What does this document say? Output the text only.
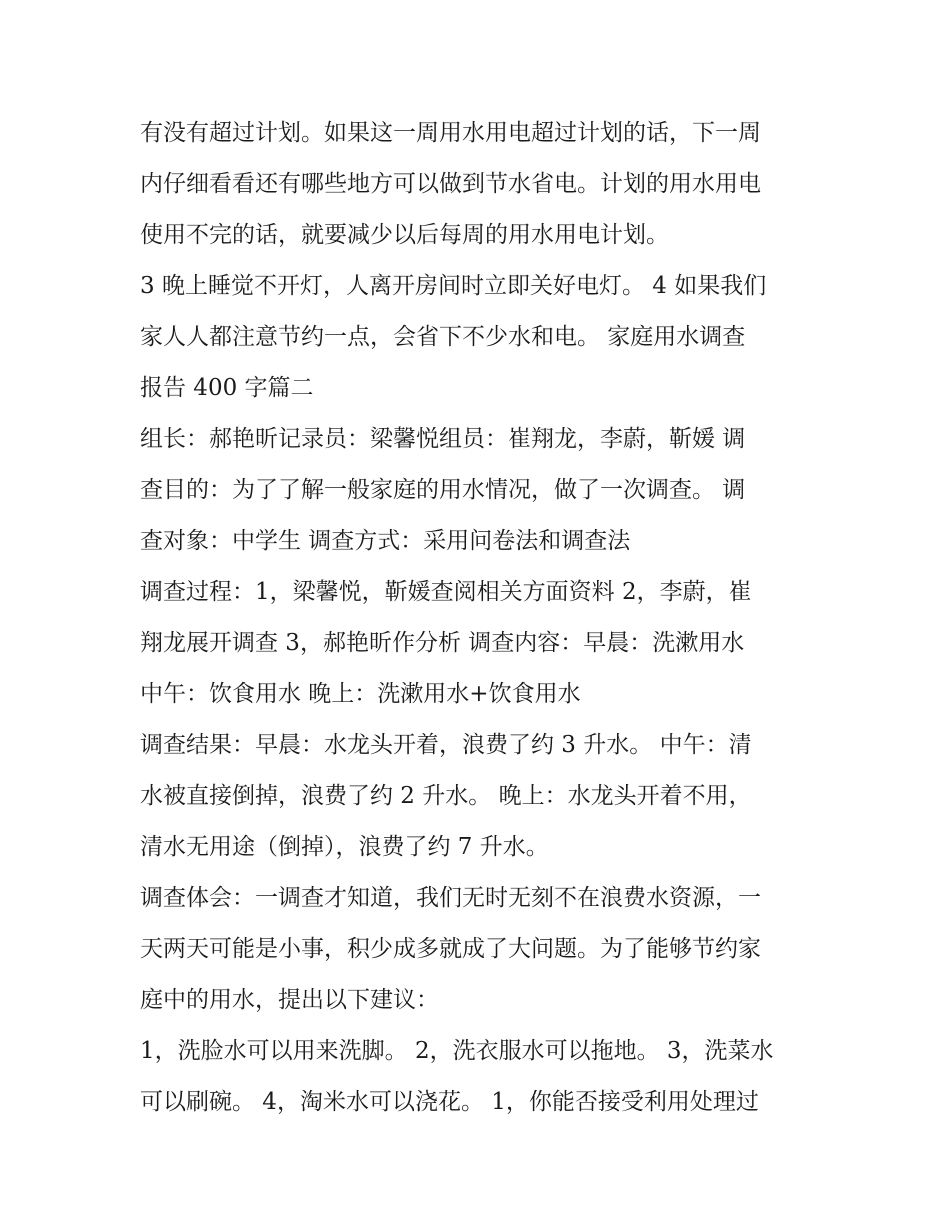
有没有超过计划。如果这一周用水用电超过计划的话，下一周
内仔细看看还有哪些地方可以做到节水省电。计划的用水用电
使用不完的话，就要减少以后每周的用水用电计划。
3 晚上睡觉不开灯，人离开房间时立即关好电灯。 4 如果我们
家人人都注意节约一点，会省下不少水和电。 家庭用水调查
报告 400 字篇二
组长：郝艳昕记录员：梁馨悦组员：崔翔龙，李蔚，靳媛 调
查目的：为了了解一般家庭的用水情况，做了一次调查。 调
查对象：中学生 调查方式：采用问卷法和调查法
调查过程：1，梁馨悦，靳媛查阅相关方面资料 2，李蔚，崔
翔龙展开调查 3，郝艳昕作分析 调查内容：早晨：洗漱用水
中午：饮食用水 晚上：洗漱用水+饮食用水
调查结果：早晨：水龙头开着，浪费了约 3 升水。 中午：清
水被直接倒掉，浪费了约 2 升水。 晚上：水龙头开着不用，
清水无用途（倒掉），浪费了约 7 升水。
调查体会：一调查才知道，我们无时无刻不在浪费水资源，一
天两天可能是小事，积少成多就成了大问题。为了能够节约家
庭中的用水，提出以下建议：
1，洗脸水可以用来洗脚。 2，洗衣服水可以拖地。 3，洗菜水
可以刷碗。 4，淘米水可以浇花。 1，你能否接受利用处理过
